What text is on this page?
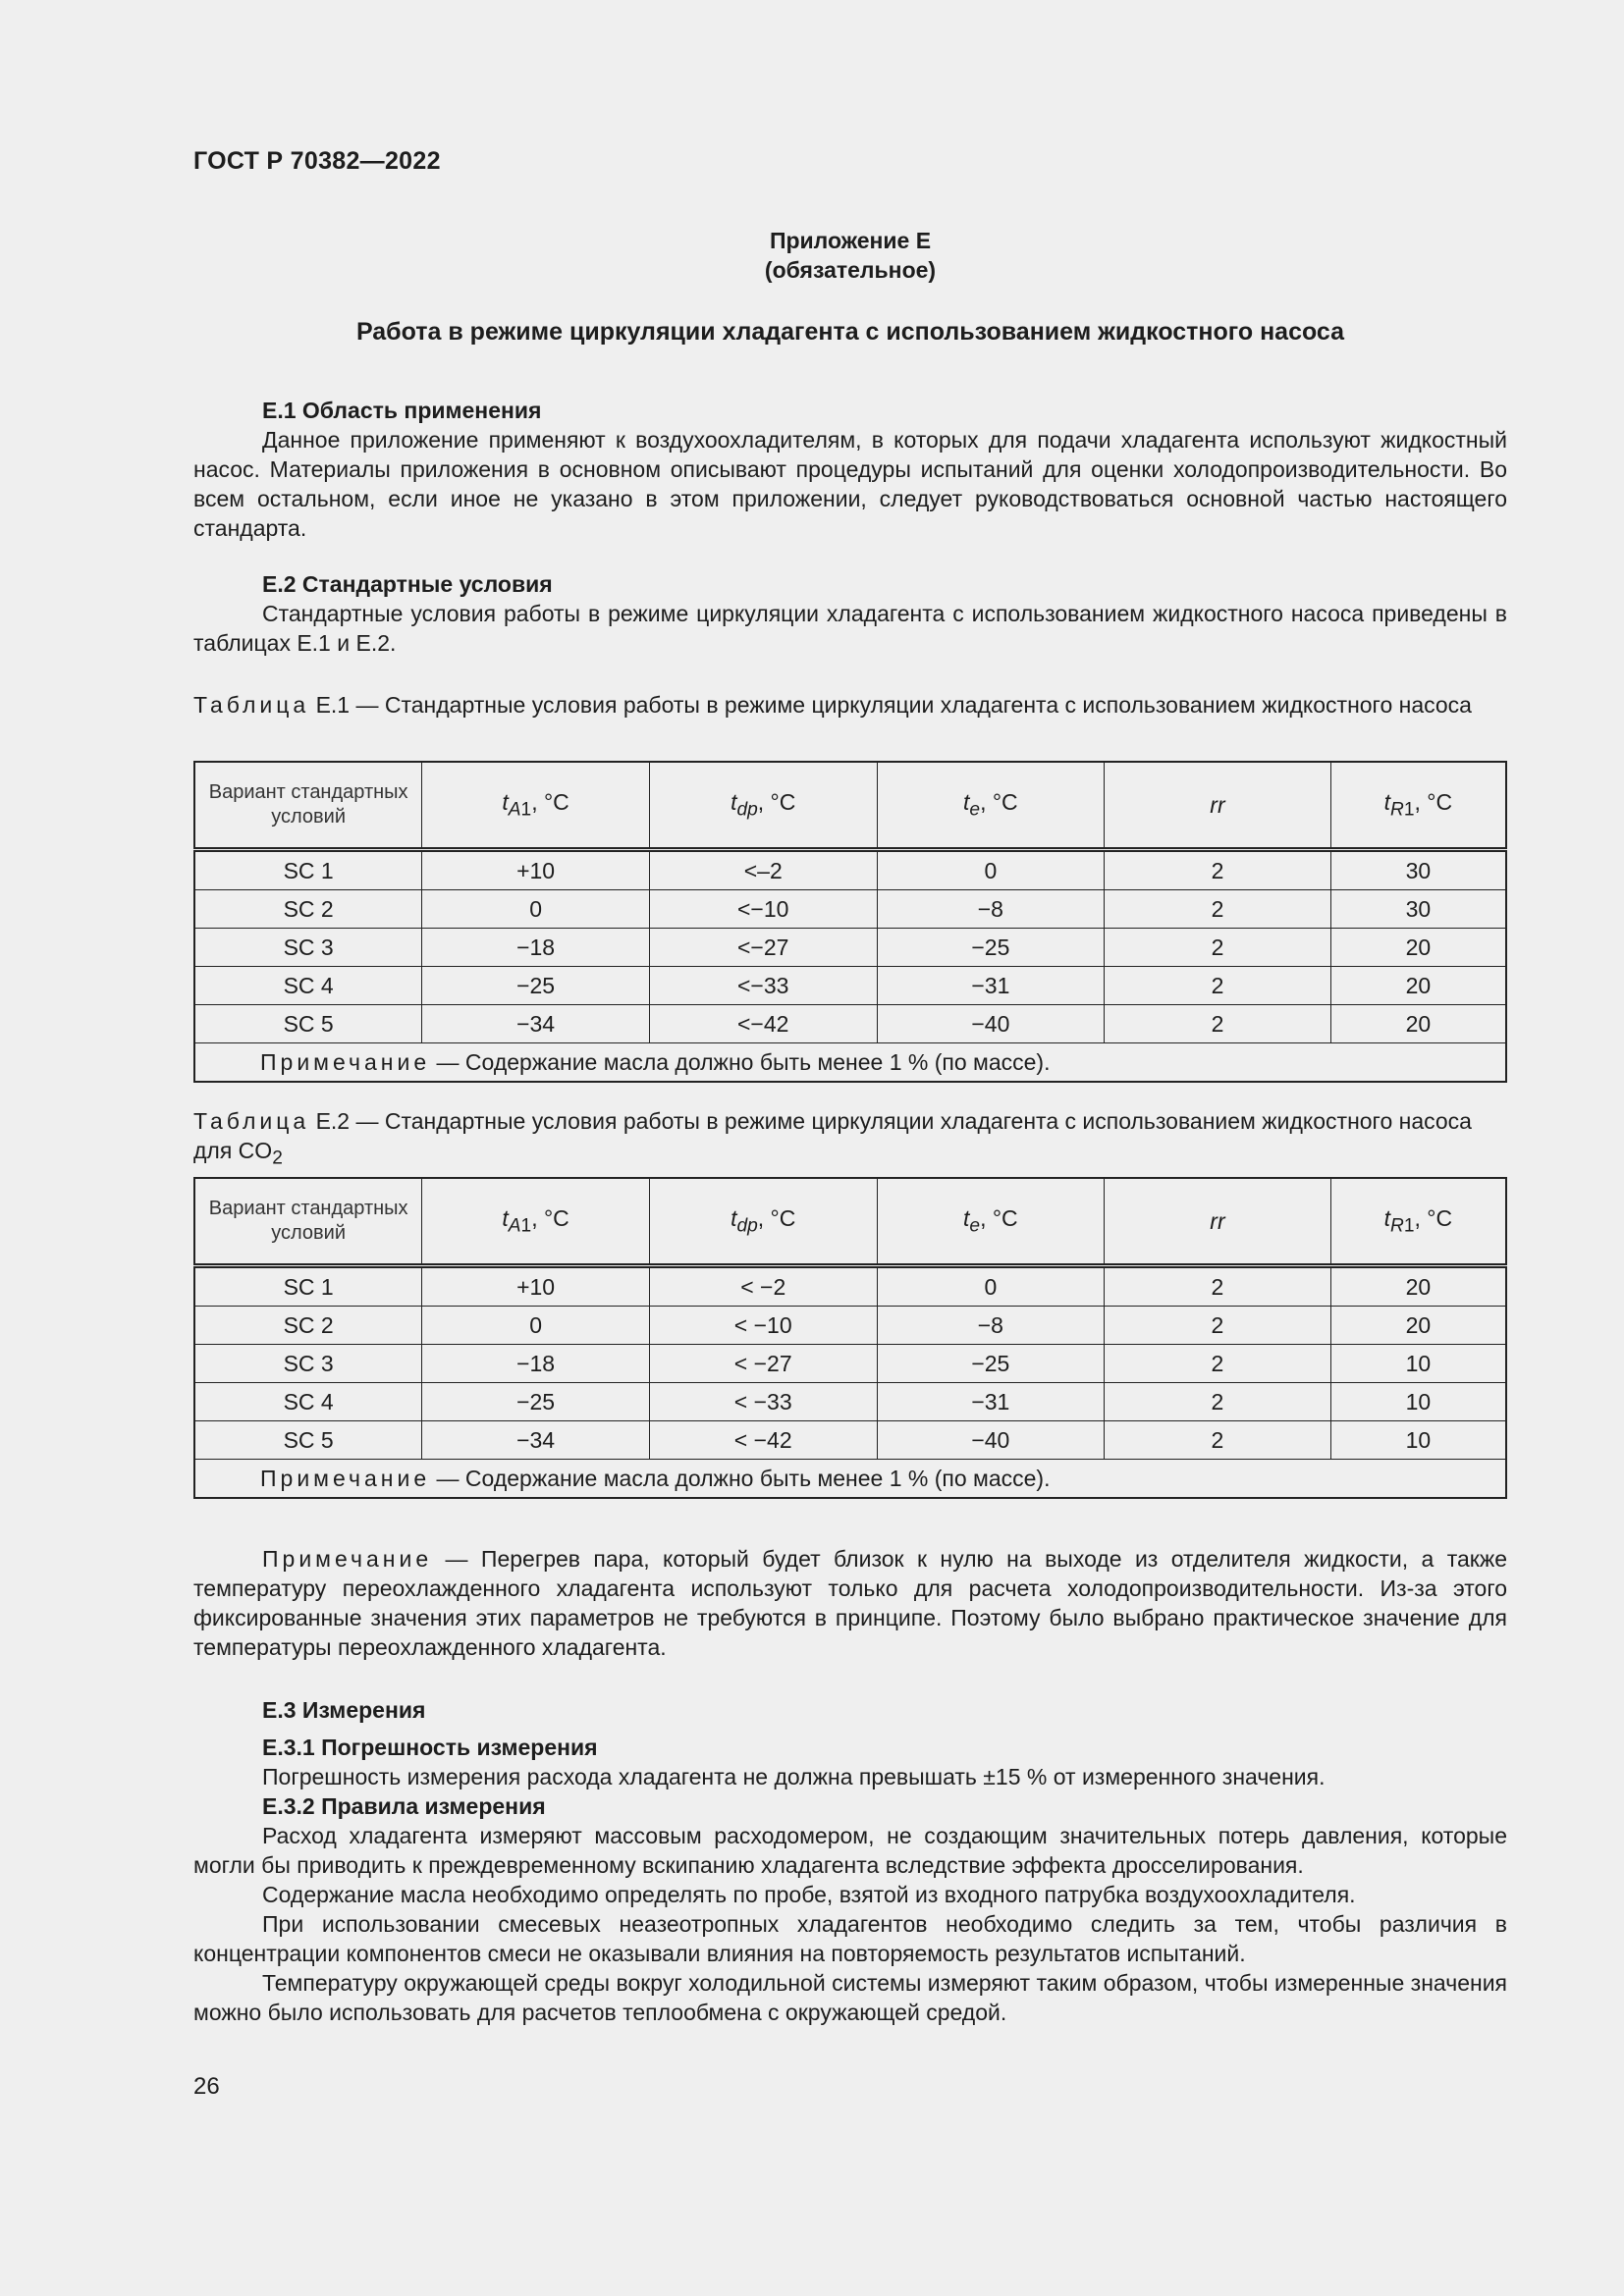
ГОСТ Р 70382—2022
Приложение Е
(обязательное)
Работа в режиме циркуляции хладагента с использованием жидкостного насоса

Е.1 Область применения

Данное приложение применяют к воздухоохладителям, в которых для подачи хладагента используют жидкостный насос. Материалы приложения в основном описывают процедуры испытаний для оценки холодопроизводительности. Во всем остальном, если иное не указано в этом приложении, следует руководствоваться основной частью настоящего стандарта.

Е.2 Стандартные условия

Стандартные условия работы в режиме циркуляции хладагента с использованием жидкостного насоса приведены в таблицах Е.1 и Е.2.

Таблица Е.1 — Стандартные условия работы в режиме циркуляции хладагента с использованием жидкостного насоса

Вариант стандартных условий	$t_{A1}$, °C	$t_{dp}$, °C	$t_e$, °C	rr	$t_{R1}$, °C
SC 1	+10	<–2	0	2	30
SC 2	0	<−10	−8	2	30
SC 3	−18	<−27	−25	2	20
SC 4	−25	<−33	−31	2	20
SC 5	−34	<−42	−40	2	20
Примечание — Содержание масла должно быть менее 1 % (по массе).					

Таблица Е.2 — Стандартные условия работы в режиме циркуляции хладагента с использованием жидкостного насоса для $CO_2$

Вариант стандартных условий	$t_{A1}$, °C	$t_{dp}$, °C	$t_e$, °C	rr	$t_{R1}$, °C
SC 1	+10	< −2	0	2	20
SC 2	0	< −10	−8	2	20
SC 3	−18	< −27	−25	2	10
SC 4	−25	< −33	−31	2	10
SC 5	−34	< −42	−40	2	10
Примечание — Содержание масла должно быть менее 1 % (по массе).					

Примечание — Перегрев пара, который будет близок к нулю на выходе из отделителя жидкости, а также температуру переохлажденного хладагента используют только для расчета холодопроизводительности. Из-за этого фиксированные значения этих параметров не требуются в принципе. Поэтому было выбрано практическое значение для температуры переохлажденного хладагента.

Е.3 Измерения

Е.3.1 Погрешность измерения

Погрешность измерения расхода хладагента не должна превышать ±15 % от измеренного значения.

Е.3.2 Правила измерения

Расход хладагента измеряют массовым расходомером, не создающим значительных потерь давления, которые могли бы приводить к преждевременному вскипанию хладагента вследствие эффекта дросселирования.

Содержание масла необходимо определять по пробе, взятой из входного патрубка воздухоохладителя.

При использовании смесевых неазеотропных хладагентов необходимо следить за тем, чтобы различия в концентрации компонентов смеси не оказывали влияния на повторяемость результатов испытаний.

Температуру окружающей среды вокруг холодильной системы измеряют таким образом, чтобы измеренные значения можно было использовать для расчетов теплообмена с окружающей средой.

26
